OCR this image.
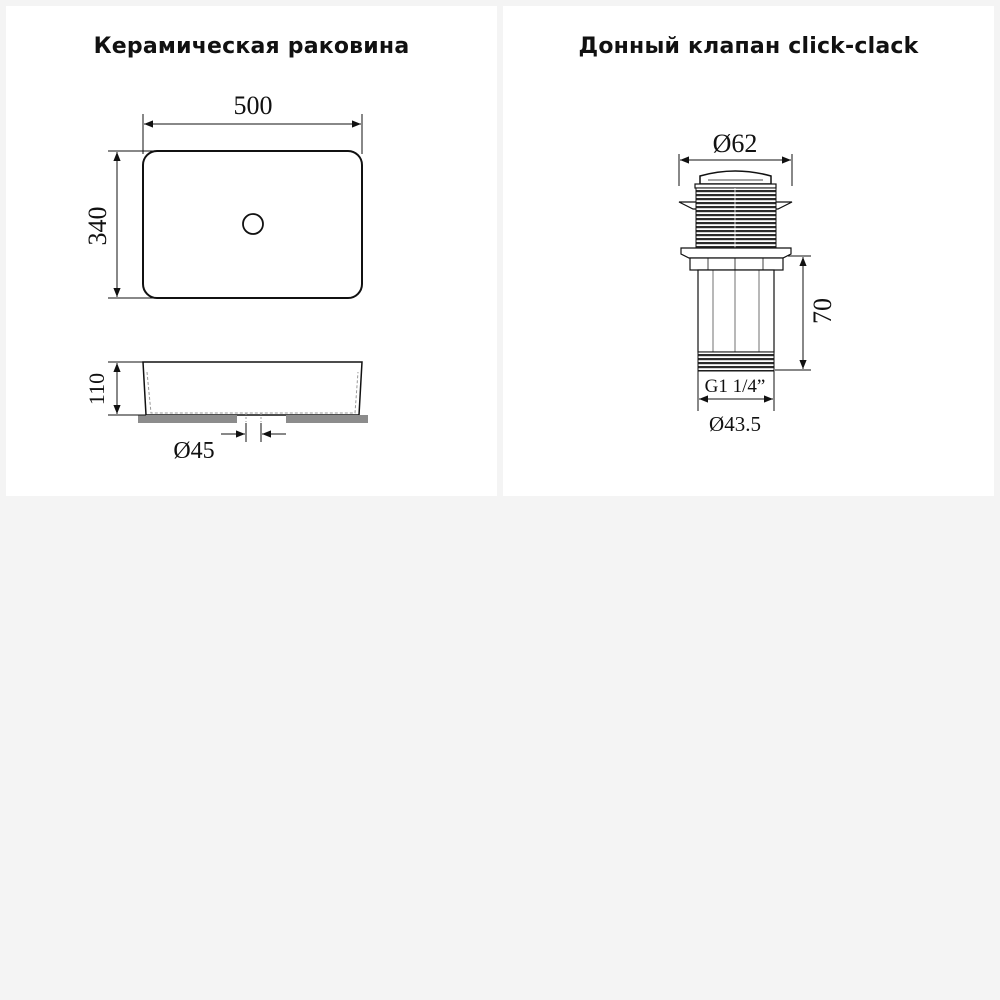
Керамическая раковина
500
340
110
Ø45
Донный клапан click-clack
Ø62
70
G1 1/4”
Ø43.5
